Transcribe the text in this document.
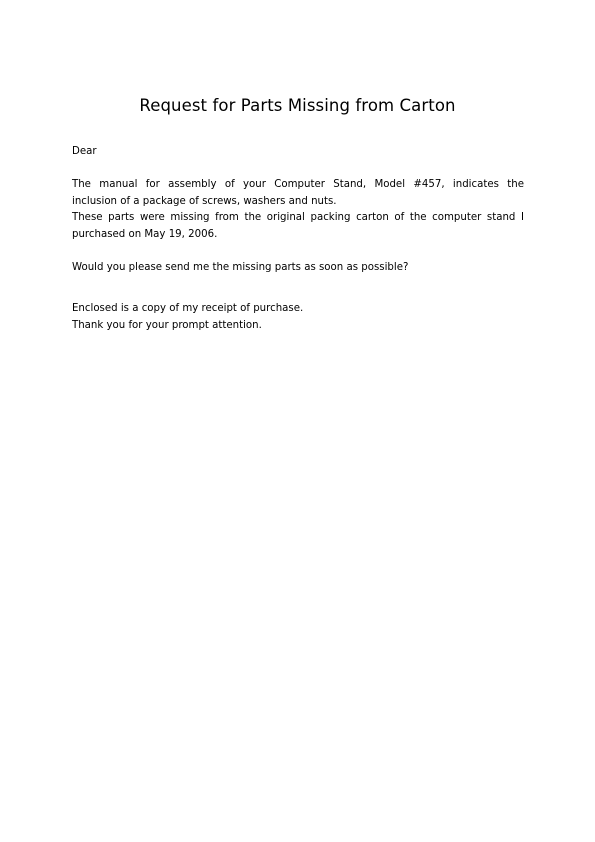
Request for Parts Missing from Carton

Dear

The manual for assembly of your Computer Stand, Model #457, indicates the

inclusion of a package of screws, washers and nuts.

These parts were missing from the original packing carton of the computer stand I

purchased on May 19, 2006.

Would you please send me the missing parts as soon as possible?

Enclosed is a copy of my receipt of purchase.

Thank you for your prompt attention.
